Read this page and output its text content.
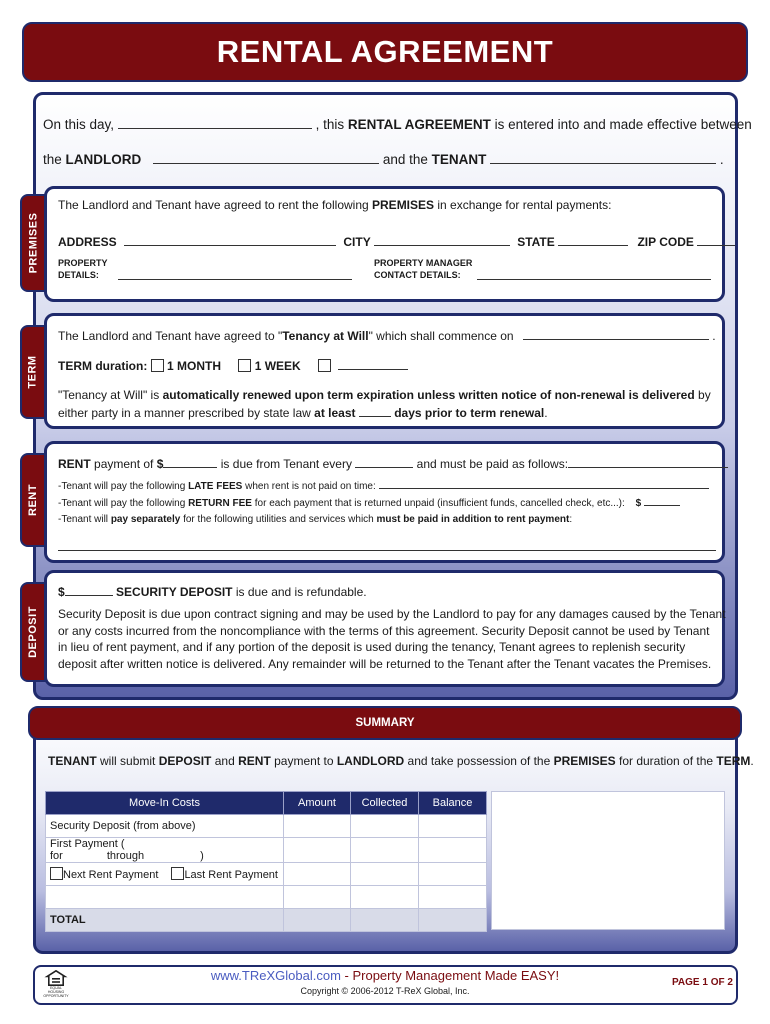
RENTAL AGREEMENT
On this day,	, this RENTAL AGREEMENT is entered into and made effective between
the LANDLORD	and the TENANT	.
PREMISES
The Landlord and Tenant have agreed to rent the following PREMISES in exchange for rental payments:
ADDRESS	CITY	STATE	ZIP CODE
PROPERTY
DETAILS:
PROPERTY MANAGER
CONTACT DETAILS:
TERM
The Landlord and Tenant have agreed to "Tenancy at Will" which shall commence on	.
TERM duration: 1 MONTH	1 WEEK
"Tenancy at Will" is automatically renewed upon term expiration unless written notice of non-renewal is delivered by either party in a manner prescribed by state law at least	days prior to term renewal.
RENT
RENT payment of $	is due from Tenant every	and must be paid as follows:
-Tenant will pay the following LATE FEES when rent is not paid on time:
-Tenant will pay the following RETURN FEE for each payment that is returned unpaid (insufficient funds, cancelled check, etc...): $
-Tenant will pay separately for the following utilities and services which must be paid in addition to rent payment:
DEPOSIT
$	SECURITY DEPOSIT is due and is refundable.
Security Deposit is due upon contract signing and may be used by the Landlord to pay for any damages caused by the Tenant
or any costs incurred from the noncompliance with the terms of this agreement. Security Deposit cannot be used by Tenant
in lieu of rent payment, and if any portion of the deposit is used during the tenancy, Tenant agrees to replenish security
deposit after written notice is delivered. Any remainder will be returned to the Tenant after the Tenant vacates the Premises.
SUMMARY
TENANT will submit DEPOSIT and RENT payment to LANDLORD and take possession of the PREMISES for duration of the TERM.
Move-In Costs	Amount	Collected	Balance
Security Deposit (from above)			
First Payment ( for through )			
Next Rent Payment Last Rent Payment			

TOTAL			
EQUAL HOUSING OPPORTUNITY
www.TReXGlobal.com - Property Management Made EASY!
Copyright © 2006-2012 T-ReX Global, Inc.
PAGE 1 OF 2
